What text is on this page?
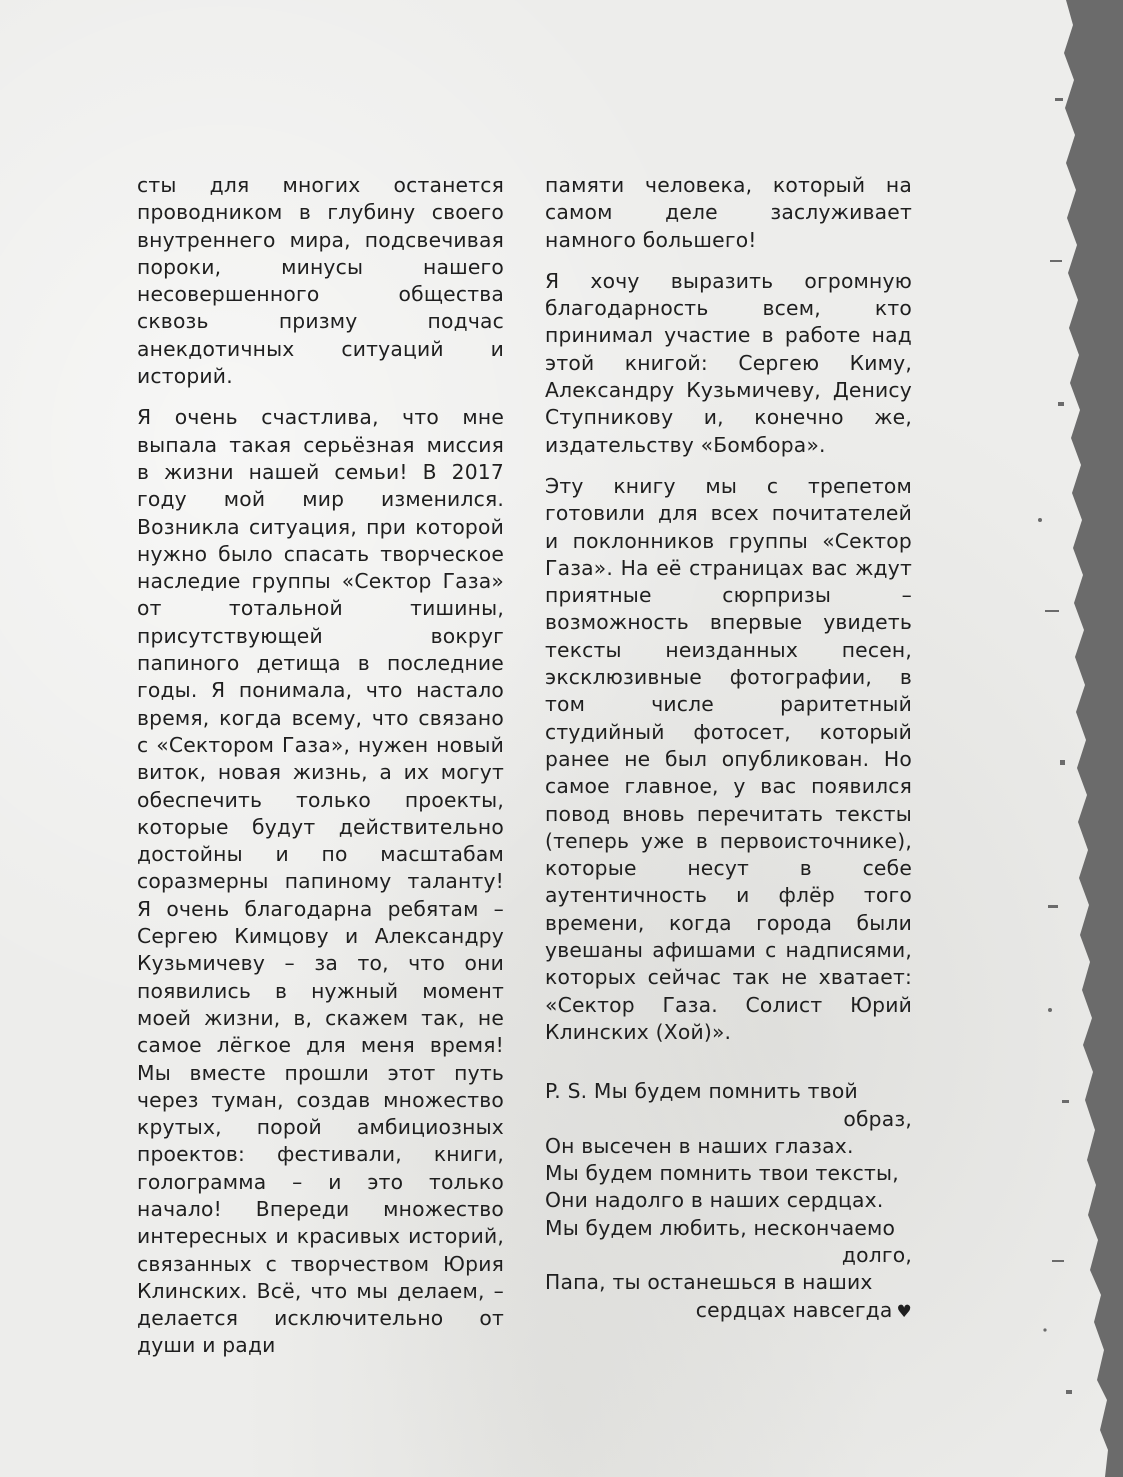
сты для многих останется проводником в глубину своего внутреннего мира, подсвечивая пороки, минусы нашего несовершенного общества сквозь призму подчас анекдотичных ситуаций и историй.

Я очень счастлива, что мне выпала такая серьёзная миссия в жизни нашей семьи! В 2017 году мой мир изменился. Возникла ситуация, при которой нужно было спасать творческое наследие группы «Сектор Газа» от тотальной тишины, присутствующей вокруг папиного детища в последние годы. Я понимала, что настало время, когда всему, что связано с «Сектором Газа», нужен новый виток, новая жизнь, а их могут обеспечить только проекты, которые будут действительно достойны и по масштабам соразмерны папиному таланту! Я очень благодарна ребятам – Сергею Кимцову и Александру Кузьмичеву – за то, что они появились в нужный момент моей жизни, в, скажем так, не самое лёгкое для меня время! Мы вместе прошли этот путь через туман, создав множество крутых, порой амбициозных проектов: фестивали, книги, голограмма – и это только начало! Впереди множество интересных и красивых историй, связанных с творчеством Юрия Клинских. Всё, что мы делаем, – делается исключительно от души и ради

памяти человека, который на самом деле заслуживает намного большего!

Я хочу выразить огромную благодарность всем, кто принимал участие в работе над этой книгой: Сергею Киму, Александру Кузьмичеву, Денису Ступникову и, конечно же, издательству «Бомбора».

Эту книгу мы с трепетом готовили для всех почитателей и поклонников группы «Сектор Газа». На её страницах вас ждут приятные сюрпризы – возможность впервые увидеть тексты неизданных песен, эксклюзивные фотографии, в том числе раритетный студийный фотосет, который ранее не был опубликован. Но самое главное, у вас появился повод вновь перечитать тексты (теперь уже в первоисточнике), которые несут в себе аутентичность и флёр того времени, когда города были увешаны афишами с надписями, которых сейчас так не хватает: «Сектор Газа. Солист Юрий Клинских (Хой)».

P. S. Мы будем помнить твой
образ,
Он высечен в наших глазах.
Мы будем помнить твои тексты,
Они надолго в наших сердцах.
Мы будем любить, нескончаемо
долго,
Папа, ты останешься в наших
сердцах навсегда ♥
